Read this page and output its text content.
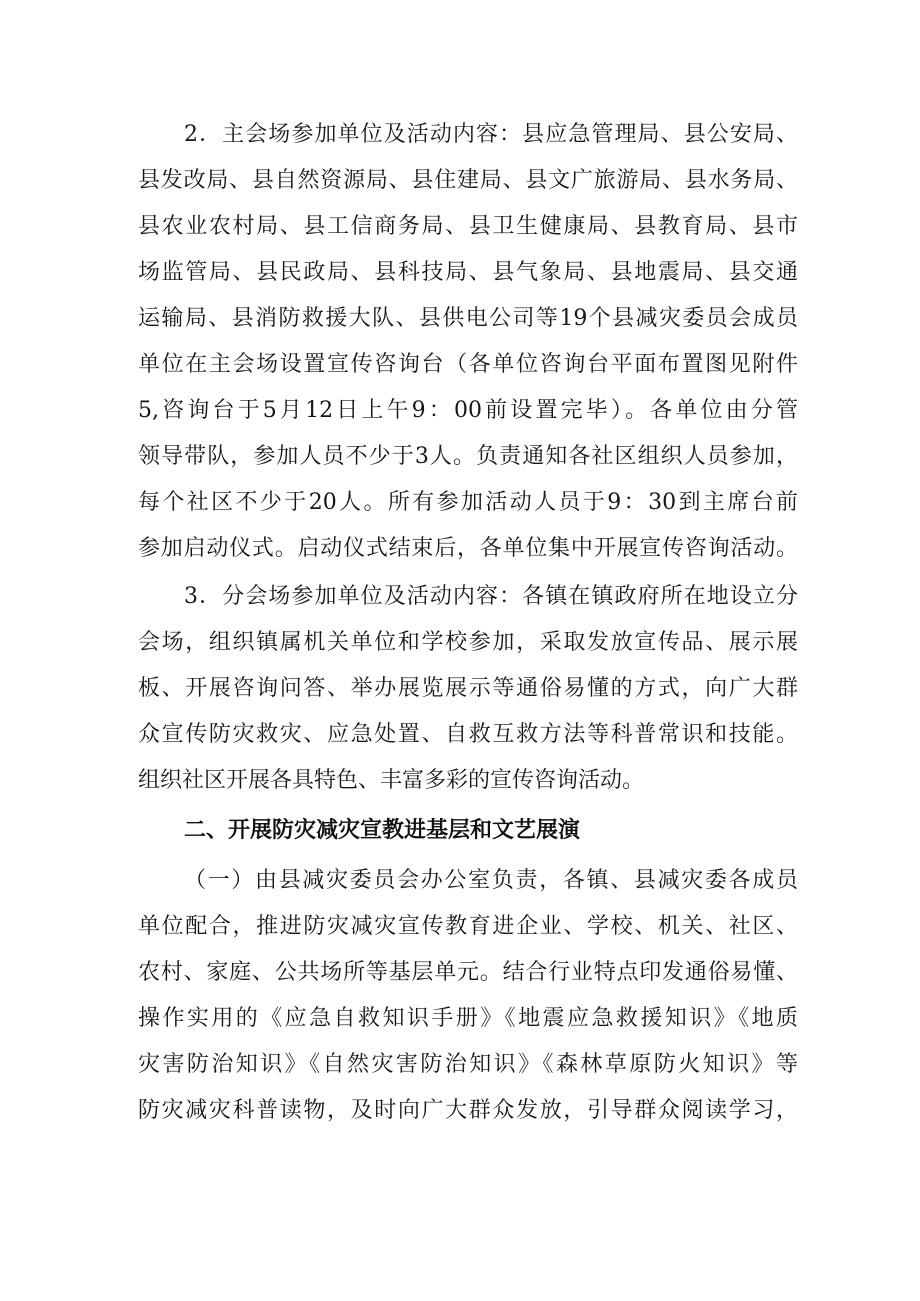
2．主会场参加单位及活动内容：县应急管理局、县公安局、
县发改局、县自然资源局、县住建局、县文广旅游局、县水务局、
县农业农村局、县工信商务局、县卫生健康局、县教育局、县市
场监管局、县民政局、县科技局、县气象局、县地震局、县交通
运输局、县消防救援大队、县供电公司等19个县减灾委员会成员
单位在主会场设置宣传咨询台（各单位咨询台平面布置图见附件
5,咨询台于5月12日上午9：00前设置完毕）。各单位由分管
领导带队，参加人员不少于3人。负责通知各社区组织人员参加，
每个社区不少于20人。所有参加活动人员于9：30到主席台前
参加启动仪式。启动仪式结束后，各单位集中开展宣传咨询活动。
3．分会场参加单位及活动内容：各镇在镇政府所在地设立分
会场，组织镇属机关单位和学校参加，采取发放宣传品、展示展
板、开展咨询问答、举办展览展示等通俗易懂的方式，向广大群
众宣传防灾救灾、应急处置、自救互救方法等科普常识和技能。
组织社区开展各具特色、丰富多彩的宣传咨询活动。
二、开展防灾减灾宣教进基层和文艺展演
（一）由县减灾委员会办公室负责，各镇、县减灾委各成员
单位配合，推进防灾减灾宣传教育进企业、学校、机关、社区、
农村、家庭、公共场所等基层单元。结合行业特点印发通俗易懂、
操作实用的《应急自救知识手册》《地震应急救援知识》《地质
灾害防治知识》《自然灾害防治知识》《森林草原防火知识》等
防灾减灾科普读物，及时向广大群众发放，引导群众阅读学习，
